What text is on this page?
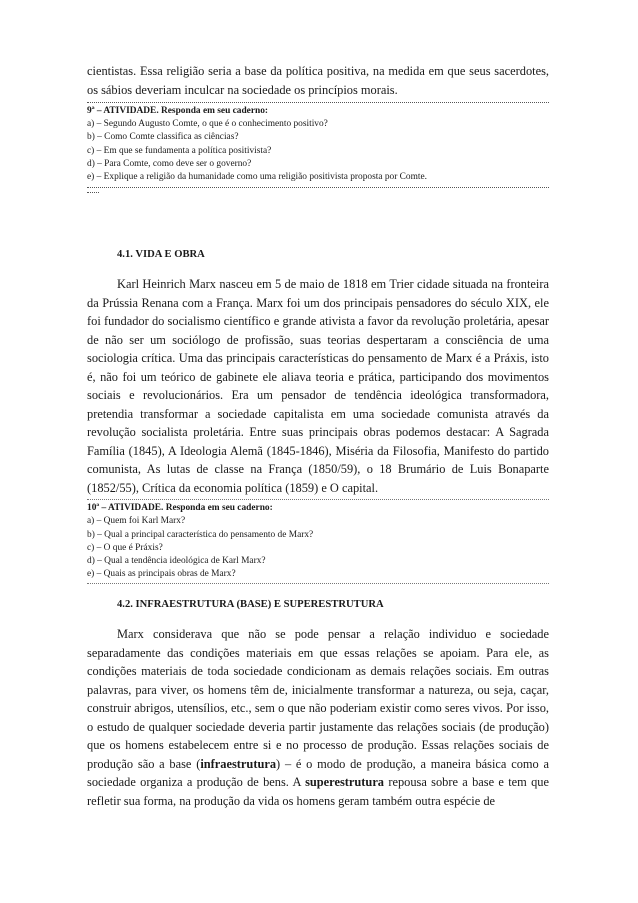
cientistas. Essa religião seria a base da política positiva, na medida em que seus sacerdotes, os sábios deveriam inculcar na sociedade os princípios morais.

9ª – ATIVIDADE. Responda em seu caderno:

a) – Segundo Augusto Comte, o que é o conhecimento positivo?

b) – Como Comte classifica as ciências?

c) – Em que se fundamenta a política positivista?

d) – Para Comte, como deve ser o governo?

e) – Explique a religião da humanidade como uma religião positivista proposta por Comte.

4.1. VIDA E OBRA

Karl Heinrich Marx nasceu em 5 de maio de 1818 em Trier cidade situada na fronteira da Prússia Renana com a França. Marx foi um dos principais pensadores do século XIX, ele foi fundador do socialismo científico e grande ativista a favor da revolução proletária, apesar de não ser um sociólogo de profissão, suas teorias despertaram a consciência de uma sociologia crítica. Uma das principais características do pensamento de Marx é a Práxis, isto é, não foi um teórico de gabinete ele aliava teoria e prática, participando dos movimentos sociais e revolucionários. Era um pensador de tendência ideológica transformadora, pretendia transformar a sociedade capitalista em uma sociedade comunista através da revolução socialista proletária. Entre suas principais obras podemos destacar: A Sagrada Família (1845), A Ideologia Alemã (1845-1846), Miséria da Filosofia, Manifesto do partido comunista, As lutas de classe na França (1850/59), o 18 Brumário de Luis Bonaparte (1852/55), Crítica da economia política (1859) e O capital.

10ª – ATIVIDADE. Responda em seu caderno:

a) – Quem foi Karl Marx?

b) – Qual a principal característica do pensamento de Marx?

c) – O que é Práxis?

d) – Qual a tendência ideológica de Karl Marx?

e) – Quais as principais obras de Marx?

4.2. INFRAESTRUTURA (BASE) E SUPERESTRUTURA

Marx considerava que não se pode pensar a relação individuo e sociedade separadamente das condições materiais em que essas relações se apoiam. Para ele, as condições materiais de toda sociedade condicionam as demais relações sociais. Em outras palavras, para viver, os homens têm de, inicialmente transformar a natureza, ou seja, caçar, construir abrigos, utensílios, etc., sem o que não poderiam existir como seres vivos. Por isso, o estudo de qualquer sociedade deveria partir justamente das relações sociais (de produção) que os homens estabelecem entre si e no processo de produção. Essas relações sociais de produção são a base (infraestrutura) – é o modo de produção, a maneira básica como a sociedade organiza a produção de bens. A superestrutura repousa sobre a base e tem que refletir sua forma, na produção da vida os homens geram também outra espécie de
